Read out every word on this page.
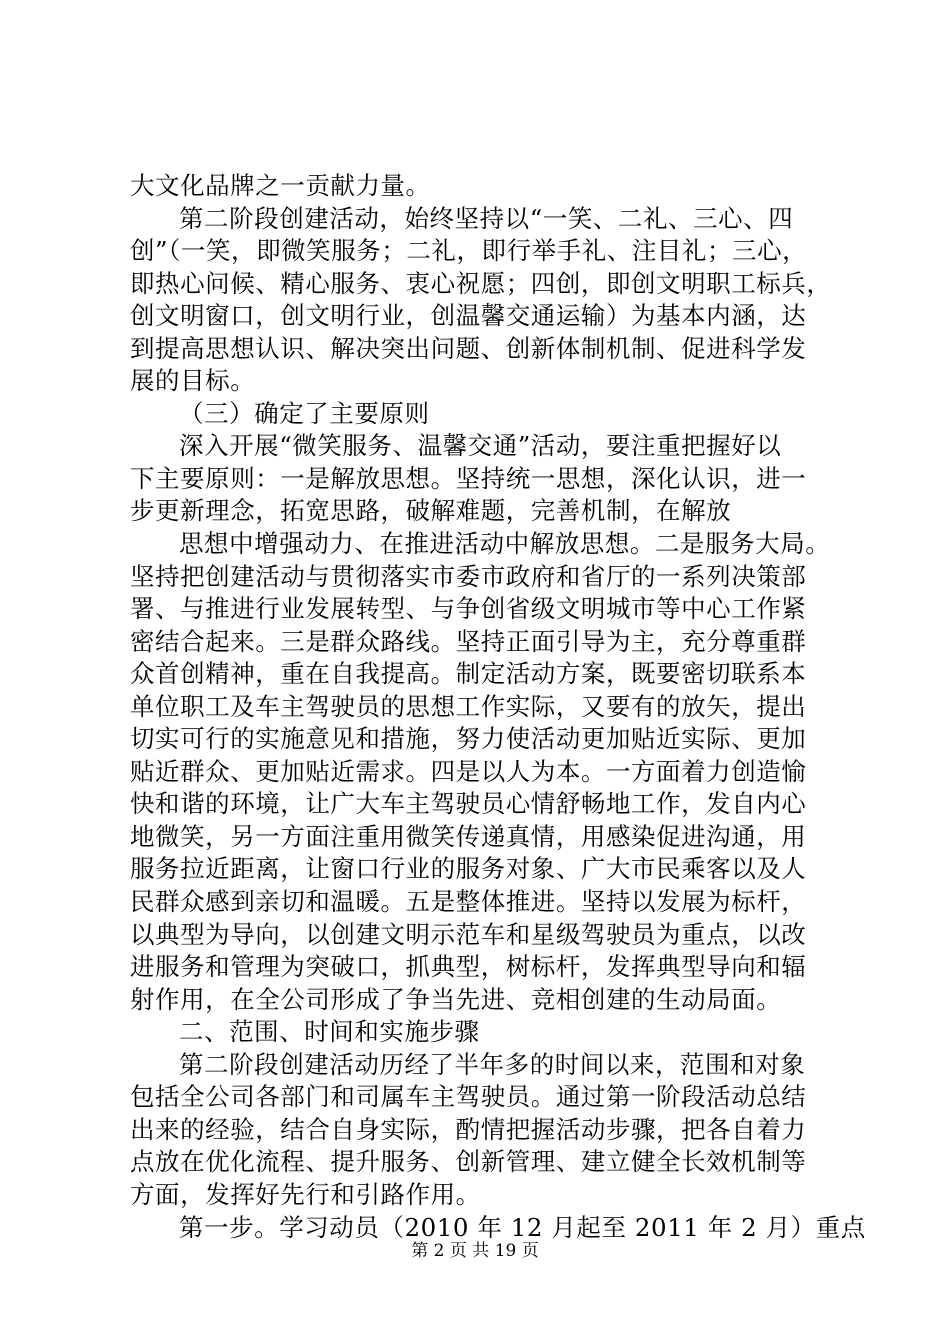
大文化品牌之一贡献力量。
第二阶段创建活动，始终坚持以“一笑、二礼、三心、四
创”（一笑，即微笑服务；二礼，即行举手礼、注目礼；三心，
即热心问候、精心服务、衷心祝愿；四创，即创文明职工标兵，
创文明窗口，创文明行业，创温馨交通运输）为基本内涵，达
到提高思想认识、解决突出问题、创新体制机制、促进科学发
展的目标。
（三）确定了主要原则
深入开展“微笑服务、温馨交通”活动，要注重把握好以
下主要原则：一是解放思想。坚持统一思想，深化认识，进一
步更新理念，拓宽思路，破解难题，完善机制，在解放
思想中增强动力、在推进活动中解放思想。二是服务大局。
坚持把创建活动与贯彻落实市委市政府和省厅的一系列决策部
署、与推进行业发展转型、与争创省级文明城市等中心工作紧
密结合起来。三是群众路线。坚持正面引导为主，充分尊重群
众首创精神，重在自我提高。制定活动方案，既要密切联系本
单位职工及车主驾驶员的思想工作实际，又要有的放矢，提出
切实可行的实施意见和措施，努力使活动更加贴近实际、更加
贴近群众、更加贴近需求。四是以人为本。一方面着力创造愉
快和谐的环境，让广大车主驾驶员心情舒畅地工作，发自内心
地微笑，另一方面注重用微笑传递真情，用感染促进沟通，用
服务拉近距离，让窗口行业的服务对象、广大市民乘客以及人
民群众感到亲切和温暖。五是整体推进。坚持以发展为标杆，
以典型为导向，以创建文明示范车和星级驾驶员为重点，以改
进服务和管理为突破口，抓典型，树标杆，发挥典型导向和辐
射作用，在全公司形成了争当先进、竞相创建的生动局面。
二、范围、时间和实施步骤
第二阶段创建活动历经了半年多的时间以来，范围和对象
包括全公司各部门和司属车主驾驶员。通过第一阶段活动总结
出来的经验，结合自身实际，酌情把握活动步骤，把各自着力
点放在优化流程、提升服务、创新管理、建立健全长效机制等
方面，发挥好先行和引路作用。
第一步。学习动员（2010 年 12 月起至 2011 年 2 月）重点
第 2 页 共 19 页
